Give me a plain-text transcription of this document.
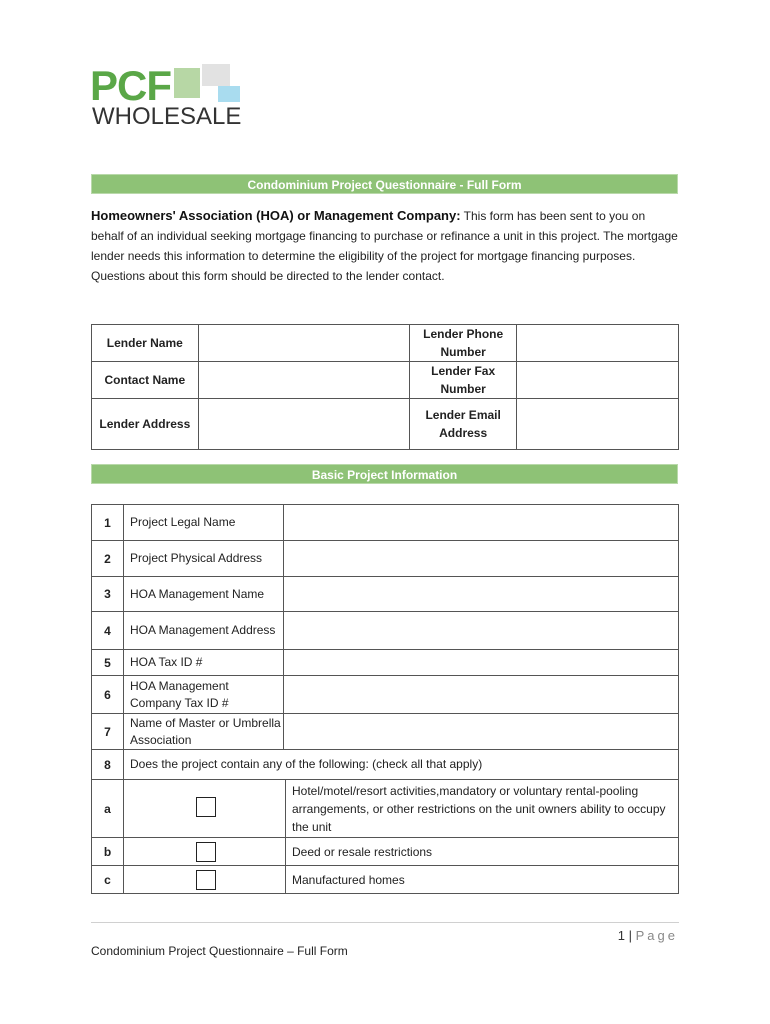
PCF
WHOLESALE
Condominium Project Questionnaire - Full Form
Homeowners' Association (HOA) or Management Company: This form has been sent to you on behalf of an individual seeking mortgage financing to purchase or refinance a unit in this project. The mortgage lender needs this information to determine the eligibility of the project for mortgage financing purposes. Questions about this form should be directed to the lender contact.
Lender Name		Lender Phone
Number	

Contact Name		Lender Fax
Number	

Lender Address		Lender Email
Address	

Basic Project Information
1	Project Legal Name		
2	Project Physical Address		
3	HOA Management Name		
4	HOA Management Address		
5	HOA Tax ID #		
6	HOA Management Company Tax ID #		
7	Name of Master or Umbrella Association		
8	Does the project contain any of the following: (check all that apply)		
a			Hotel/motel/resort activities,mandatory or voluntary rental-pooling arrangements, or other restrictions on the unit owners ability to occupy the unit
b			Deed or resale restrictions
c			Manufactured homes
1 | Page
Condominium Project Questionnaire – Full Form
